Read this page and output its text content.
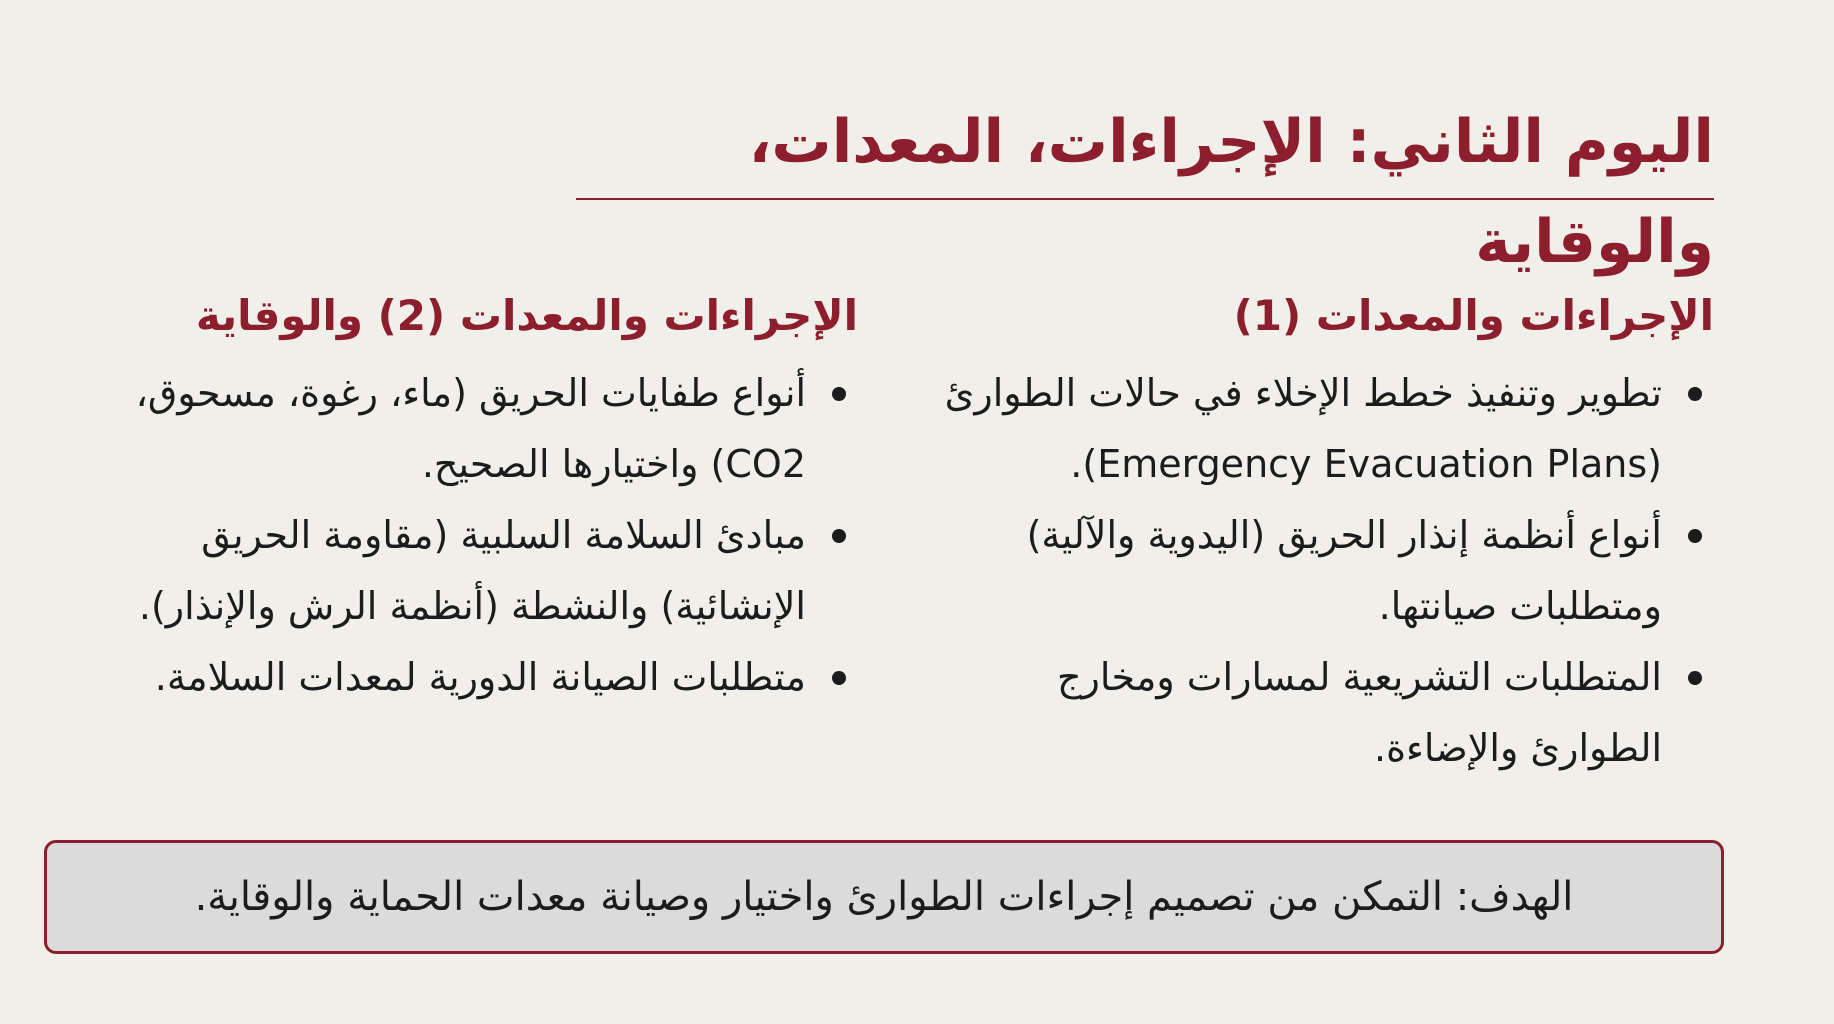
اليوم الثاني: الإجراءات، المعدات، والوقاية
الإجراءات والمعدات (1)
تطوير وتنفيذ خطط الإخلاء في حالات الطوارئ (Emergency Evacuation Plans).
أنواع أنظمة إنذار الحريق (اليدوية والآلية) ومتطلبات صيانتها.
المتطلبات التشريعية لمسارات ومخارج الطوارئ والإضاءة.
الإجراءات والمعدات (2) والوقاية
أنواع طفايات الحريق (ماء، رغوة، مسحوق، CO2) واختيارها الصحيح.
مبادئ السلامة السلبية (مقاومة الحريق الإنشائية) والنشطة (أنظمة الرش والإنذار).
متطلبات الصيانة الدورية لمعدات السلامة.
الهدف: التمكن من تصميم إجراءات الطوارئ واختيار وصيانة معدات الحماية والوقاية.
